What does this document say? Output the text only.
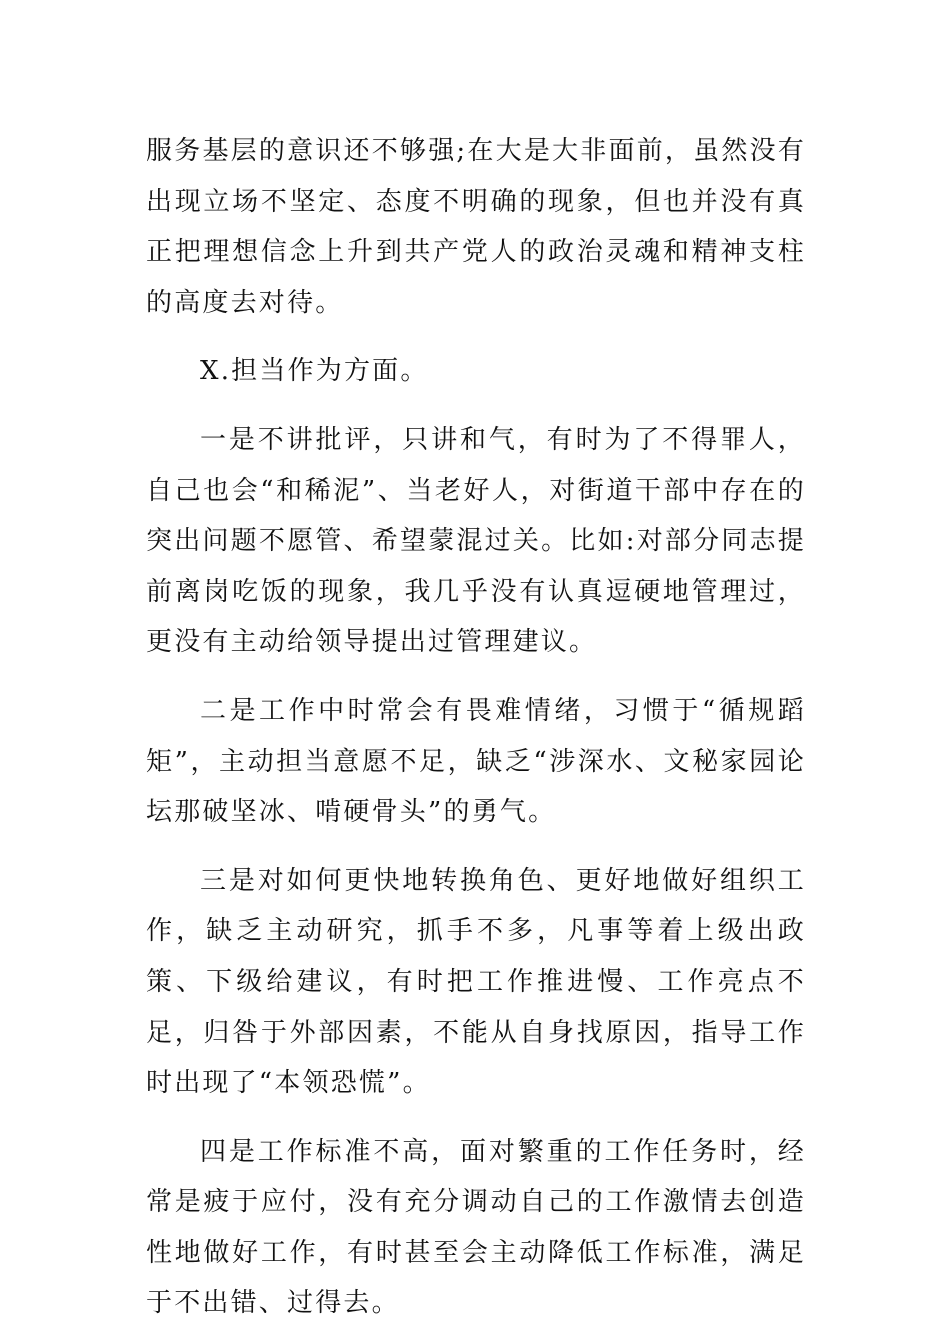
服务基层的意识还不够强;在大是大非面前，虽然没有出现立场不坚定、态度不明确的现象，但也并没有真正把理想信念上升到共产党人的政治灵魂和精神支柱的高度去对待。

X.担当作为方面。

一是不讲批评，只讲和气，有时为了不得罪人，自己也会“和稀泥”、当老好人，对街道干部中存在的突出问题不愿管、希望蒙混过关。比如:对部分同志提前离岗吃饭的现象，我几乎没有认真逗硬地管理过，更没有主动给领导提出过管理建议。

二是工作中时常会有畏难情绪，习惯于“循规蹈矩”，主动担当意愿不足，缺乏“涉深水、文秘家园论坛那破坚冰、啃硬骨头”的勇气。

三是对如何更快地转换角色、更好地做好组织工作，缺乏主动研究，抓手不多，凡事等着上级出政策、下级给建议，有时把工作推进慢、工作亮点不足，归咎于外部因素，不能从自身找原因，指导工作时出现了“本领恐慌”。

四是工作标准不高，面对繁重的工作任务时，经常是疲于应付，没有充分调动自己的工作激情去创造性地做好工作，有时甚至会主动降低工作标准，满足于不出错、过得去。
